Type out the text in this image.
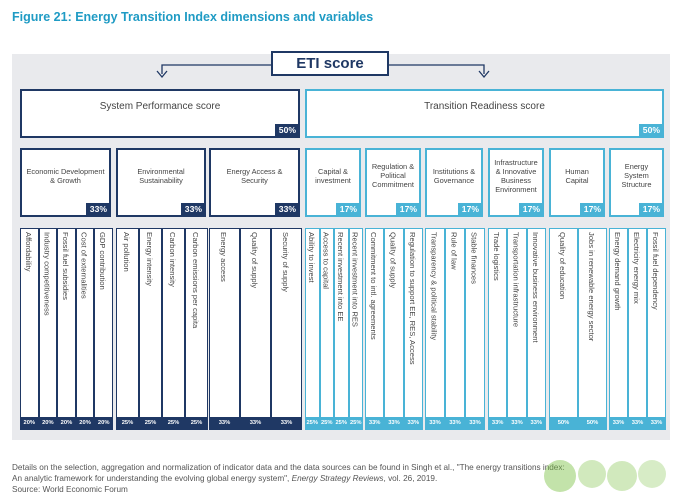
Figure 21: Energy Transition Index dimensions and variables
ETI score
System Performance score
50%
Transition Readiness score
50%
Economic Development & Growth
33%
Affordability
20%
Industry competitiveness
20%
Fossil fuel subsidies
20%
Cost of externalities
20%
GDP contribution
20%
Environmental Sustainability
33%
Air pollution
25%
Energy intensity
25%
Carbon intensity
25%
Carbon emissions per capita
25%
Energy Access & Security
33%
Energy access
33%
Quality of supply
33%
Security of supply
33%
Capital & investment
17%
Ability to invest
25%
Access to capital
25%
Recent investment into EE
25%
Recent investment into RES
25%
Regulation & Political Commitment
17%
Commitment to intl. agreements
33%
Quality of supply
33%
Regulation to support EE, RES, Access
33%
Institutions & Governance
17%
Transparency & political stability
33%
Rule of law
33%
Stable finances
33%
Infrastructure & Innovative Business Environment
17%
Trade logistics
33%
Transportation infrastructure
33%
Innovative business environment
33%
Human Capital
17%
Quality of education
50%
Jobs in renewable energy sector
50%
Energy System Structure
17%
Energy demand growth
33%
Electricity energy mix
33%
Fossil fuel dependency
33%
Details on the selection, aggregation and normalization of indicator data and the data sources can be found in Singh et al., "The energy transitions index:
An analytic framework for understanding the evolving global energy system", Energy Strategy Reviews, vol. 26, 2019.
Source: World Economic Forum
